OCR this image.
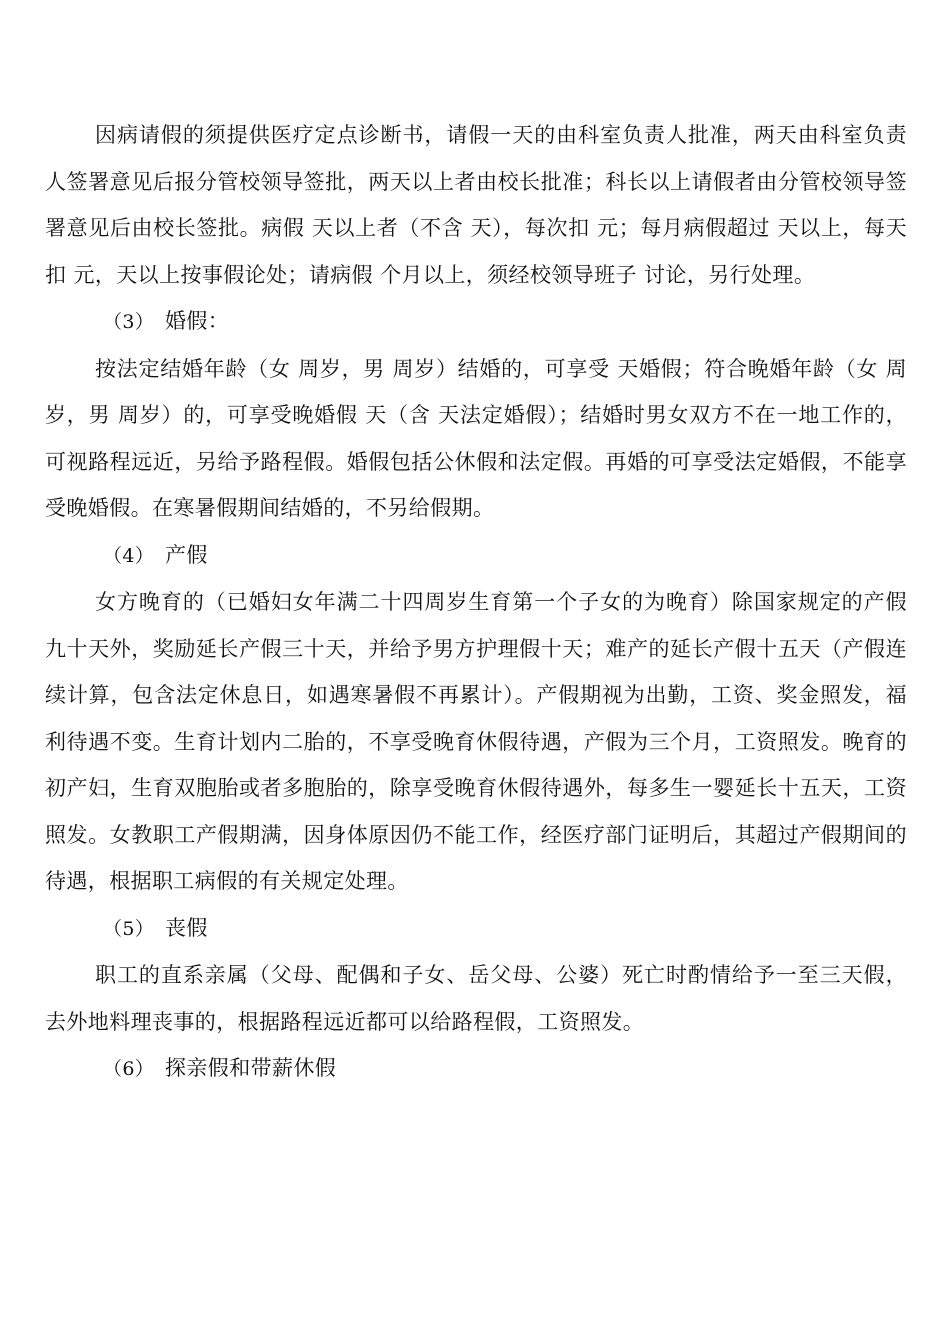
因病请假的须提供医疗定点诊断书，请假一天的由科室负责人批准，两天由科室负责人签署意见后报分管校领导签批，两天以上者由校长批准；科长以上请假者由分管校领导签署意见后由校长签批。病假 天以上者（不含 天），每次扣 元；每月病假超过 天以上，每天扣 元，天以上按事假论处；请病假 个月以上，须经校领导班子 讨论，另行处理。

（3） 婚假：

按法定结婚年龄（女 周岁，男 周岁）结婚的，可享受 天婚假；符合晚婚年龄（女 周岁，男 周岁）的，可享受晚婚假 天（含 天法定婚假）；结婚时男女双方不在一地工作的，可视路程远近，另给予路程假。婚假包括公休假和法定假。再婚的可享受法定婚假，不能享受晚婚假。在寒暑假期间结婚的，不另给假期。

（4） 产假

女方晚育的（已婚妇女年满二十四周岁生育第一个子女的为晚育）除国家规定的产假九十天外，奖励延长产假三十天，并给予男方护理假十天；难产的延长产假十五天（产假连续计算，包含法定休息日，如遇寒暑假不再累计）。产假期视为出勤，工资、奖金照发，福利待遇不变。生育计划内二胎的，不享受晚育休假待遇，产假为三个月，工资照发。晚育的初产妇，生育双胞胎或者多胞胎的，除享受晚育休假待遇外，每多生一婴延长十五天，工资照发。女教职工产假期满，因身体原因仍不能工作，经医疗部门证明后，其超过产假期间的待遇，根据职工病假的有关规定处理。

（5） 丧假

职工的直系亲属（父母、配偶和子女、岳父母、公婆）死亡时酌情给予一至三天假，去外地料理丧事的，根据路程远近都可以给路程假，工资照发。

（6） 探亲假和带薪休假
